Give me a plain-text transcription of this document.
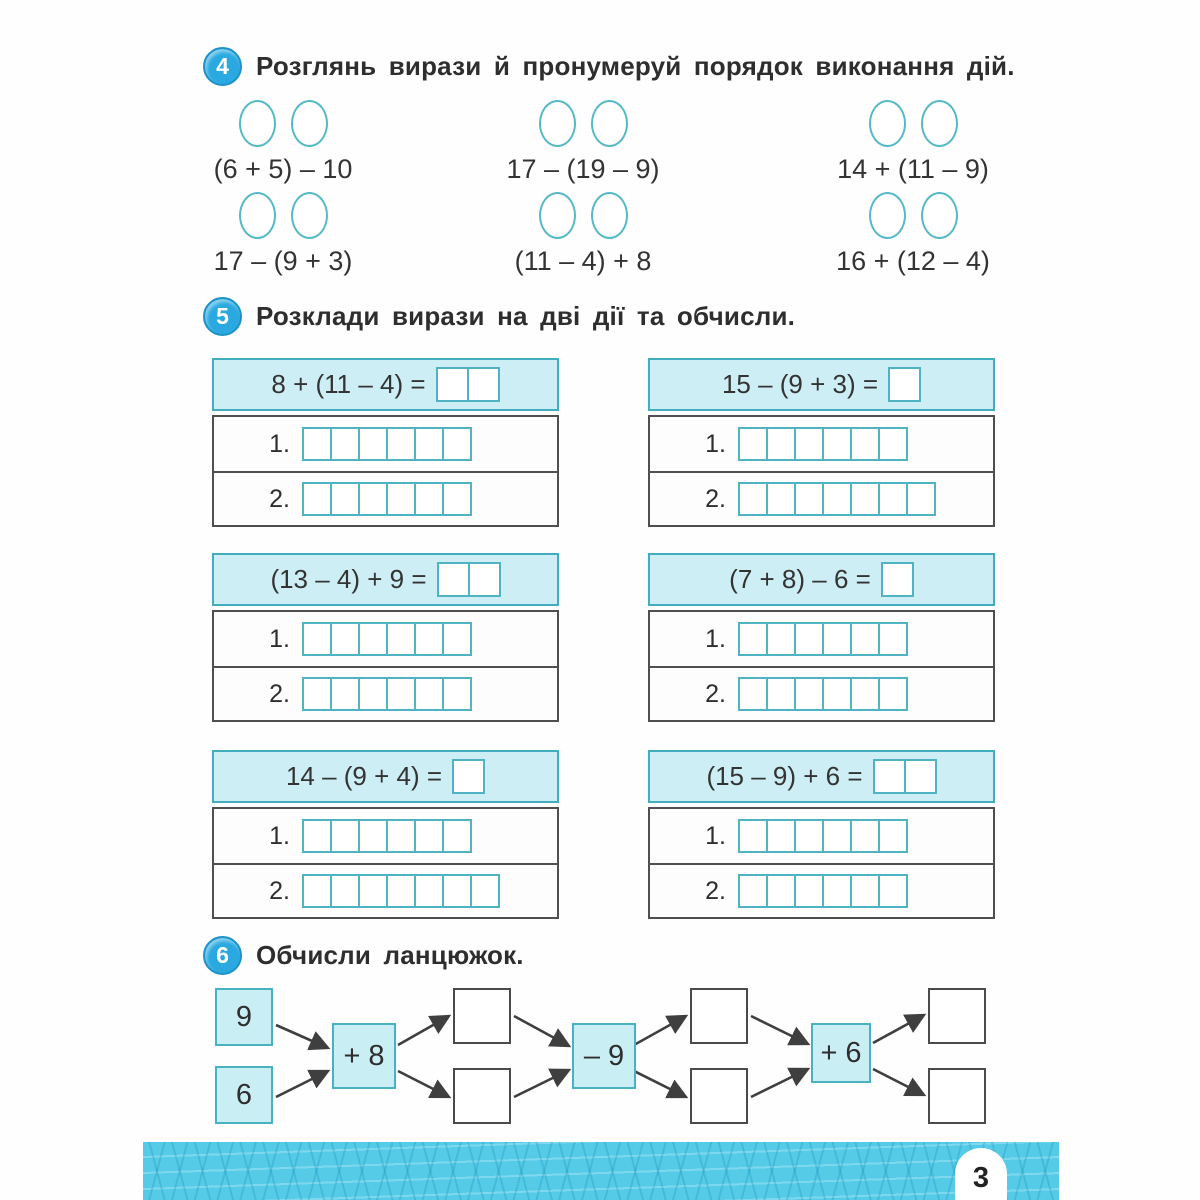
4	Розглянь вирази й пронумеруй порядок виконання дій.
(6 + 5) – 10	17 – (19 – 9)	14 + (11 – 9)
17 – (9 + 3)	(11 – 4) + 8	16 + (12 – 4)
5	Розклади вирази на дві дії та обчисли.
8 + (11 – 4) =
1.
2.
15 – (9 + 3) =
1.
2.
(13 – 4) + 9 =
1.
2.
(7 + 8) – 6 =
1.
2.
14 – (9 + 4) =
1.
2.
(15 – 9) + 6 =
1.
2.
6	Обчисли ланцюжок.
9
6
+ 8	– 9	+ 6
3
